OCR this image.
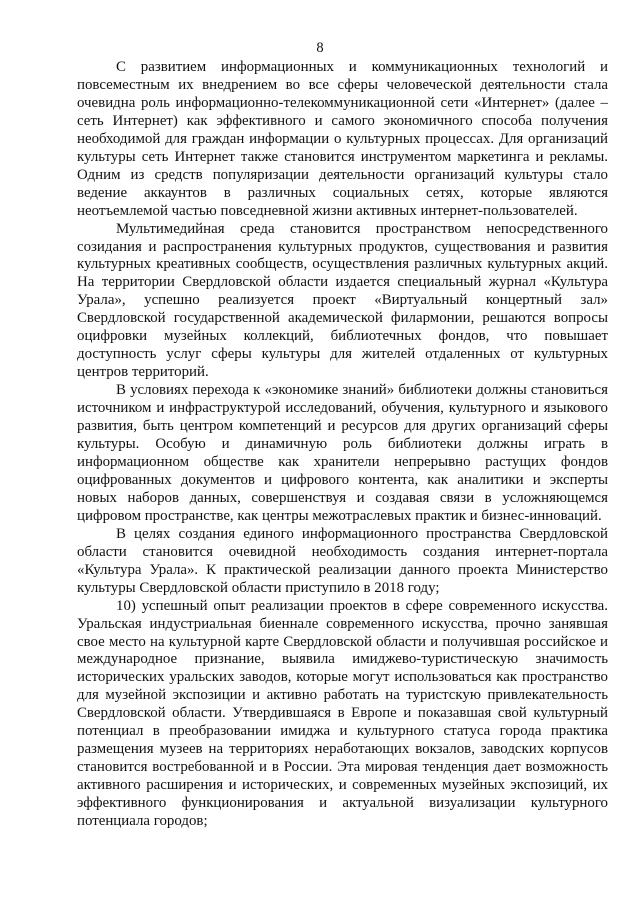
8

С развитием информационных и коммуникационных технологий и повсеместным их внедрением во все сферы человеческой деятельности стала очевидна роль информационно-телекоммуникационной сети «Интернет» (далее – сеть Интернет) как эффективного и самого экономичного способа получения необходимой для граждан информации о культурных процессах. Для организаций культуры сеть Интернет также становится инструментом маркетинга и рекламы. Одним из средств популяризации деятельности организаций культуры стало ведение аккаунтов в различных социальных сетях, которые являются неотъемлемой частью повседневной жизни активных интернет-пользователей.

Мультимедийная среда становится пространством непосредственного созидания и распространения культурных продуктов, существования и развития культурных креативных сообществ, осуществления различных культурных акций. На территории Свердловской области издается специальный журнал «Культура Урала», успешно реализуется проект «Виртуальный концертный зал» Свердловской государственной академической филармонии, решаются вопросы оцифровки музейных коллекций, библиотечных фондов, что повышает доступность услуг сферы культуры для жителей отдаленных от культурных центров территорий.

В условиях перехода к «экономике знаний» библиотеки должны становиться источником и инфраструктурой исследований, обучения, культурного и языкового развития, быть центром компетенций и ресурсов для других организаций сферы культуры. Особую и динамичную роль библиотеки должны играть в информационном обществе как хранители непрерывно растущих фондов оцифрованных документов и цифрового контента, как аналитики и эксперты новых наборов данных, совершенствуя и создавая связи в усложняющемся цифровом пространстве, как центры межотраслевых практик и бизнес-инноваций.

В целях создания единого информационного пространства Свердловской области становится очевидной необходимость создания интернет-портала «Культура Урала». К практической реализации данного проекта Министерство культуры Свердловской области приступило в 2018 году;

10) успешный опыт реализации проектов в сфере современного искусства. Уральская индустриальная биеннале современного искусства, прочно занявшая свое место на культурной карте Свердловской области и получившая российское и международное признание, выявила имиджево-туристическую значимость исторических уральских заводов, которые могут использоваться как пространство для музейной экспозиции и активно работать на туристскую привлекательность Свердловской области. Утвердившаяся в Европе и показавшая свой культурный потенциал в преобразовании имиджа и культурного статуса города практика размещения музеев на территориях неработающих вокзалов, заводских корпусов становится востребованной и в России. Эта мировая тенденция дает возможность активного расширения и исторических, и современных музейных экспозиций, их эффективного функционирования и актуальной визуализации культурного потенциала городов;
